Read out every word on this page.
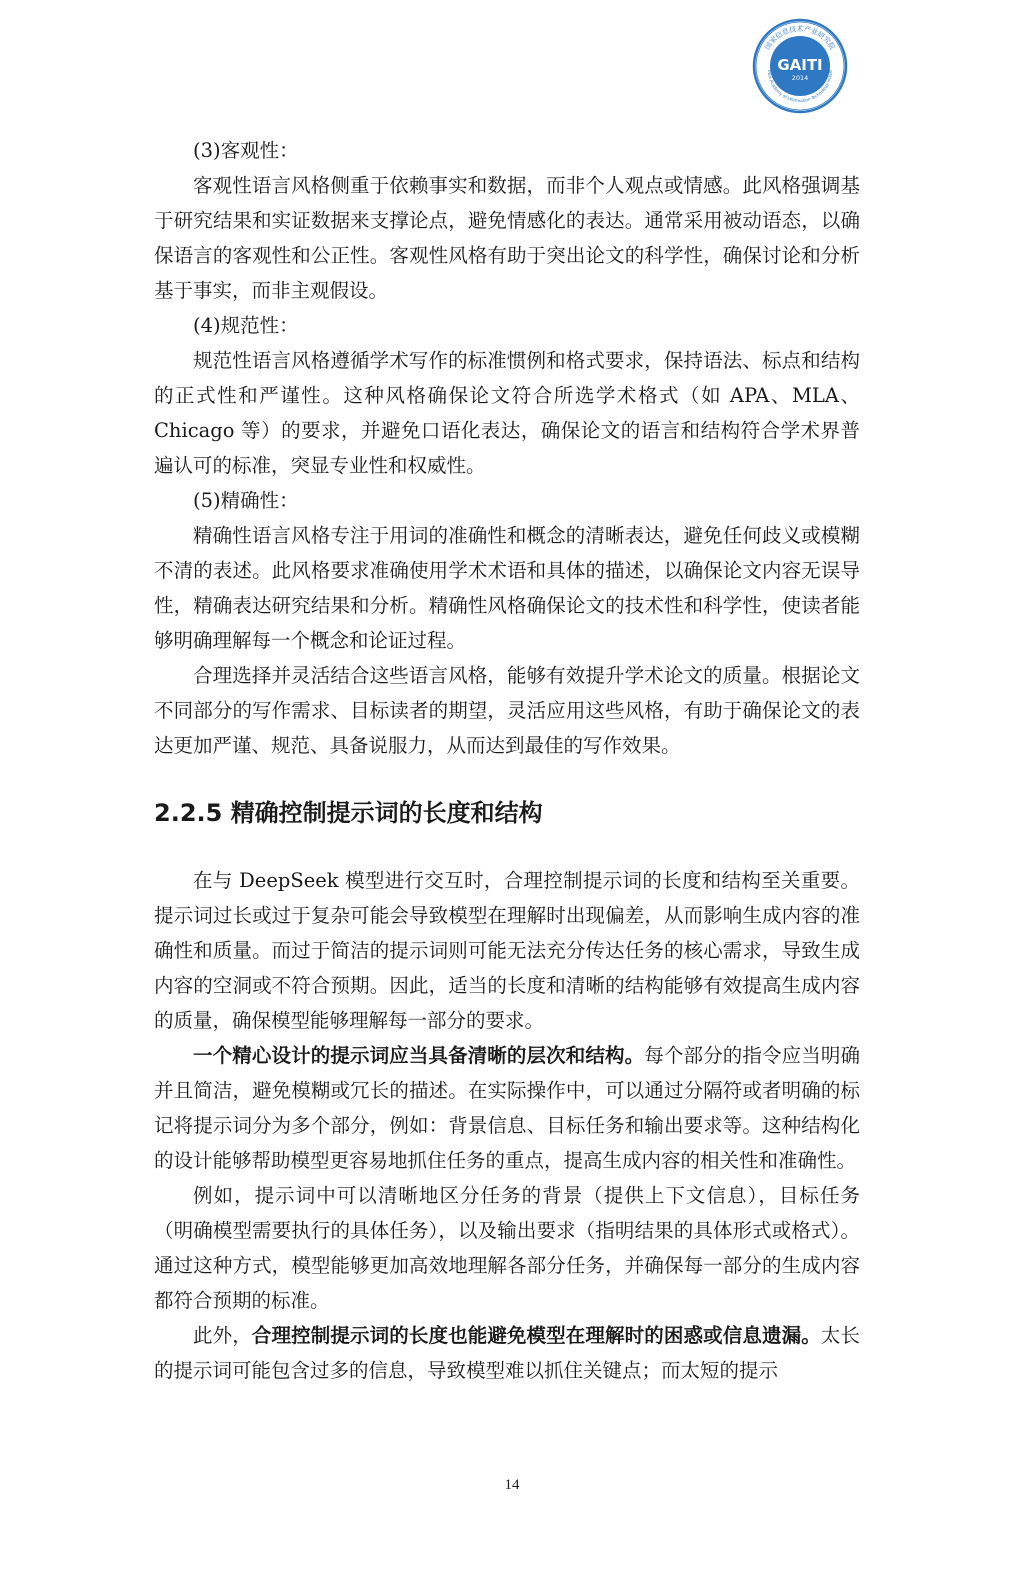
国家信息技术产业研究院
obal Academy of Information Technology Indust
GAITI
2014

(3)客观性：

客观性语言风格侧重于依赖事实和数据，而非个人观点或情感。此风格强调基于研究结果和实证数据来支撑论点，避免情感化的表达。通常采用被动语态，以确保语言的客观性和公正性。客观性风格有助于突出论文的科学性，确保讨论和分析基于事实，而非主观假设。

(4)规范性：

规范性语言风格遵循学术写作的标准惯例和格式要求，保持语法、标点和结构的正式性和严谨性。这种风格确保论文符合所选学术格式（如 APA、MLA、Chicago 等）的要求，并避免口语化表达，确保论文的语言和结构符合学术界普遍认可的标准，突显专业性和权威性。

(5)精确性：

精确性语言风格专注于用词的准确性和概念的清晰表达，避免任何歧义或模糊不清的表述。此风格要求准确使用学术术语和具体的描述，以确保论文内容无误导性，精确表达研究结果和分析。精确性风格确保论文的技术性和科学性，使读者能够明确理解每一个概念和论证过程。

合理选择并灵活结合这些语言风格，能够有效提升学术论文的质量。根据论文不同部分的写作需求、目标读者的期望，灵活应用这些风格，有助于确保论文的表达更加严谨、规范、具备说服力，从而达到最佳的写作效果。

2.2.5 精确控制提示词的长度和结构

在与 DeepSeek 模型进行交互时，合理控制提示词的长度和结构至关重要。提示词过长或过于复杂可能会导致模型在理解时出现偏差，从而影响生成内容的准确性和质量。而过于简洁的提示词则可能无法充分传达任务的核心需求，导致生成内容的空洞或不符合预期。因此，适当的长度和清晰的结构能够有效提高生成内容的质量，确保模型能够理解每一部分的要求。

一个精心设计的提示词应当具备清晰的层次和结构。每个部分的指令应当明确并且简洁，避免模糊或冗长的描述。在实际操作中，可以通过分隔符或者明确的标记将提示词分为多个部分，例如：背景信息、目标任务和输出要求等。这种结构化的设计能够帮助模型更容易地抓住任务的重点，提高生成内容的相关性和准确性。

例如，提示词中可以清晰地区分任务的背景（提供上下文信息），目标任务（明确模型需要执行的具体任务），以及输出要求（指明结果的具体形式或格式）。通过这种方式，模型能够更加高效地理解各部分任务，并确保每一部分的生成内容都符合预期的标准。

此外，合理控制提示词的长度也能避免模型在理解时的困惑或信息遗漏。太长的提示词可能包含过多的信息，导致模型难以抓住关键点；而太短的提示

14
